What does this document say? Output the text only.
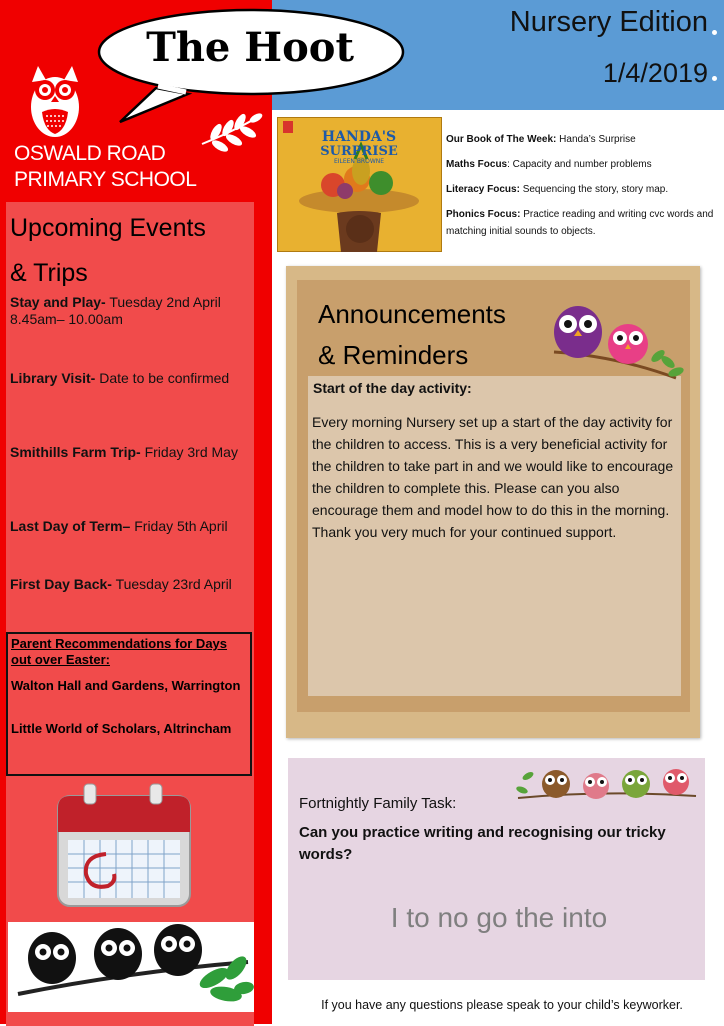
OSWALD ROAD
PRIMARY SCHOOL
Nursery Edition
1/4/2019
The Hoot
HANDA'S
SURPRISE
EILEEN BROWNE
Our Book of The Week: Handa’s Surprise
Maths Focus: Capacity and number problems
Literacy Focus: Sequencing the story, story map.
Phonics Focus: Practice reading and writing cvc words and matching initial sounds to objects.
Upcoming Events
& Trips
Stay and Play- Tuesday 2nd April 8.45am– 10.00am
Library Visit- Date to be confirmed
Smithills Farm Trip- Friday 3rd May
Last Day of Term– Friday 5th April
First Day Back- Tuesday 23rd April
Parent Recommendations for Days out over Easter:
Walton Hall and Gardens, Warrington
Little World of Scholars, Altrincham
Announcements
& Reminders
Start of the day activity:
Every morning Nursery set up a start of the day activity for the children to access. This is a very beneficial activity for the children to take part in and we would like to encourage the children to complete this. Please can you also encourage them and model how to do this in the morning. Thank you very much for your continued support.
Fortnightly Family Task:
Can you practice writing and recognising our tricky words?
I to no go the into
If you have any questions please speak to your child’s keyworker.
